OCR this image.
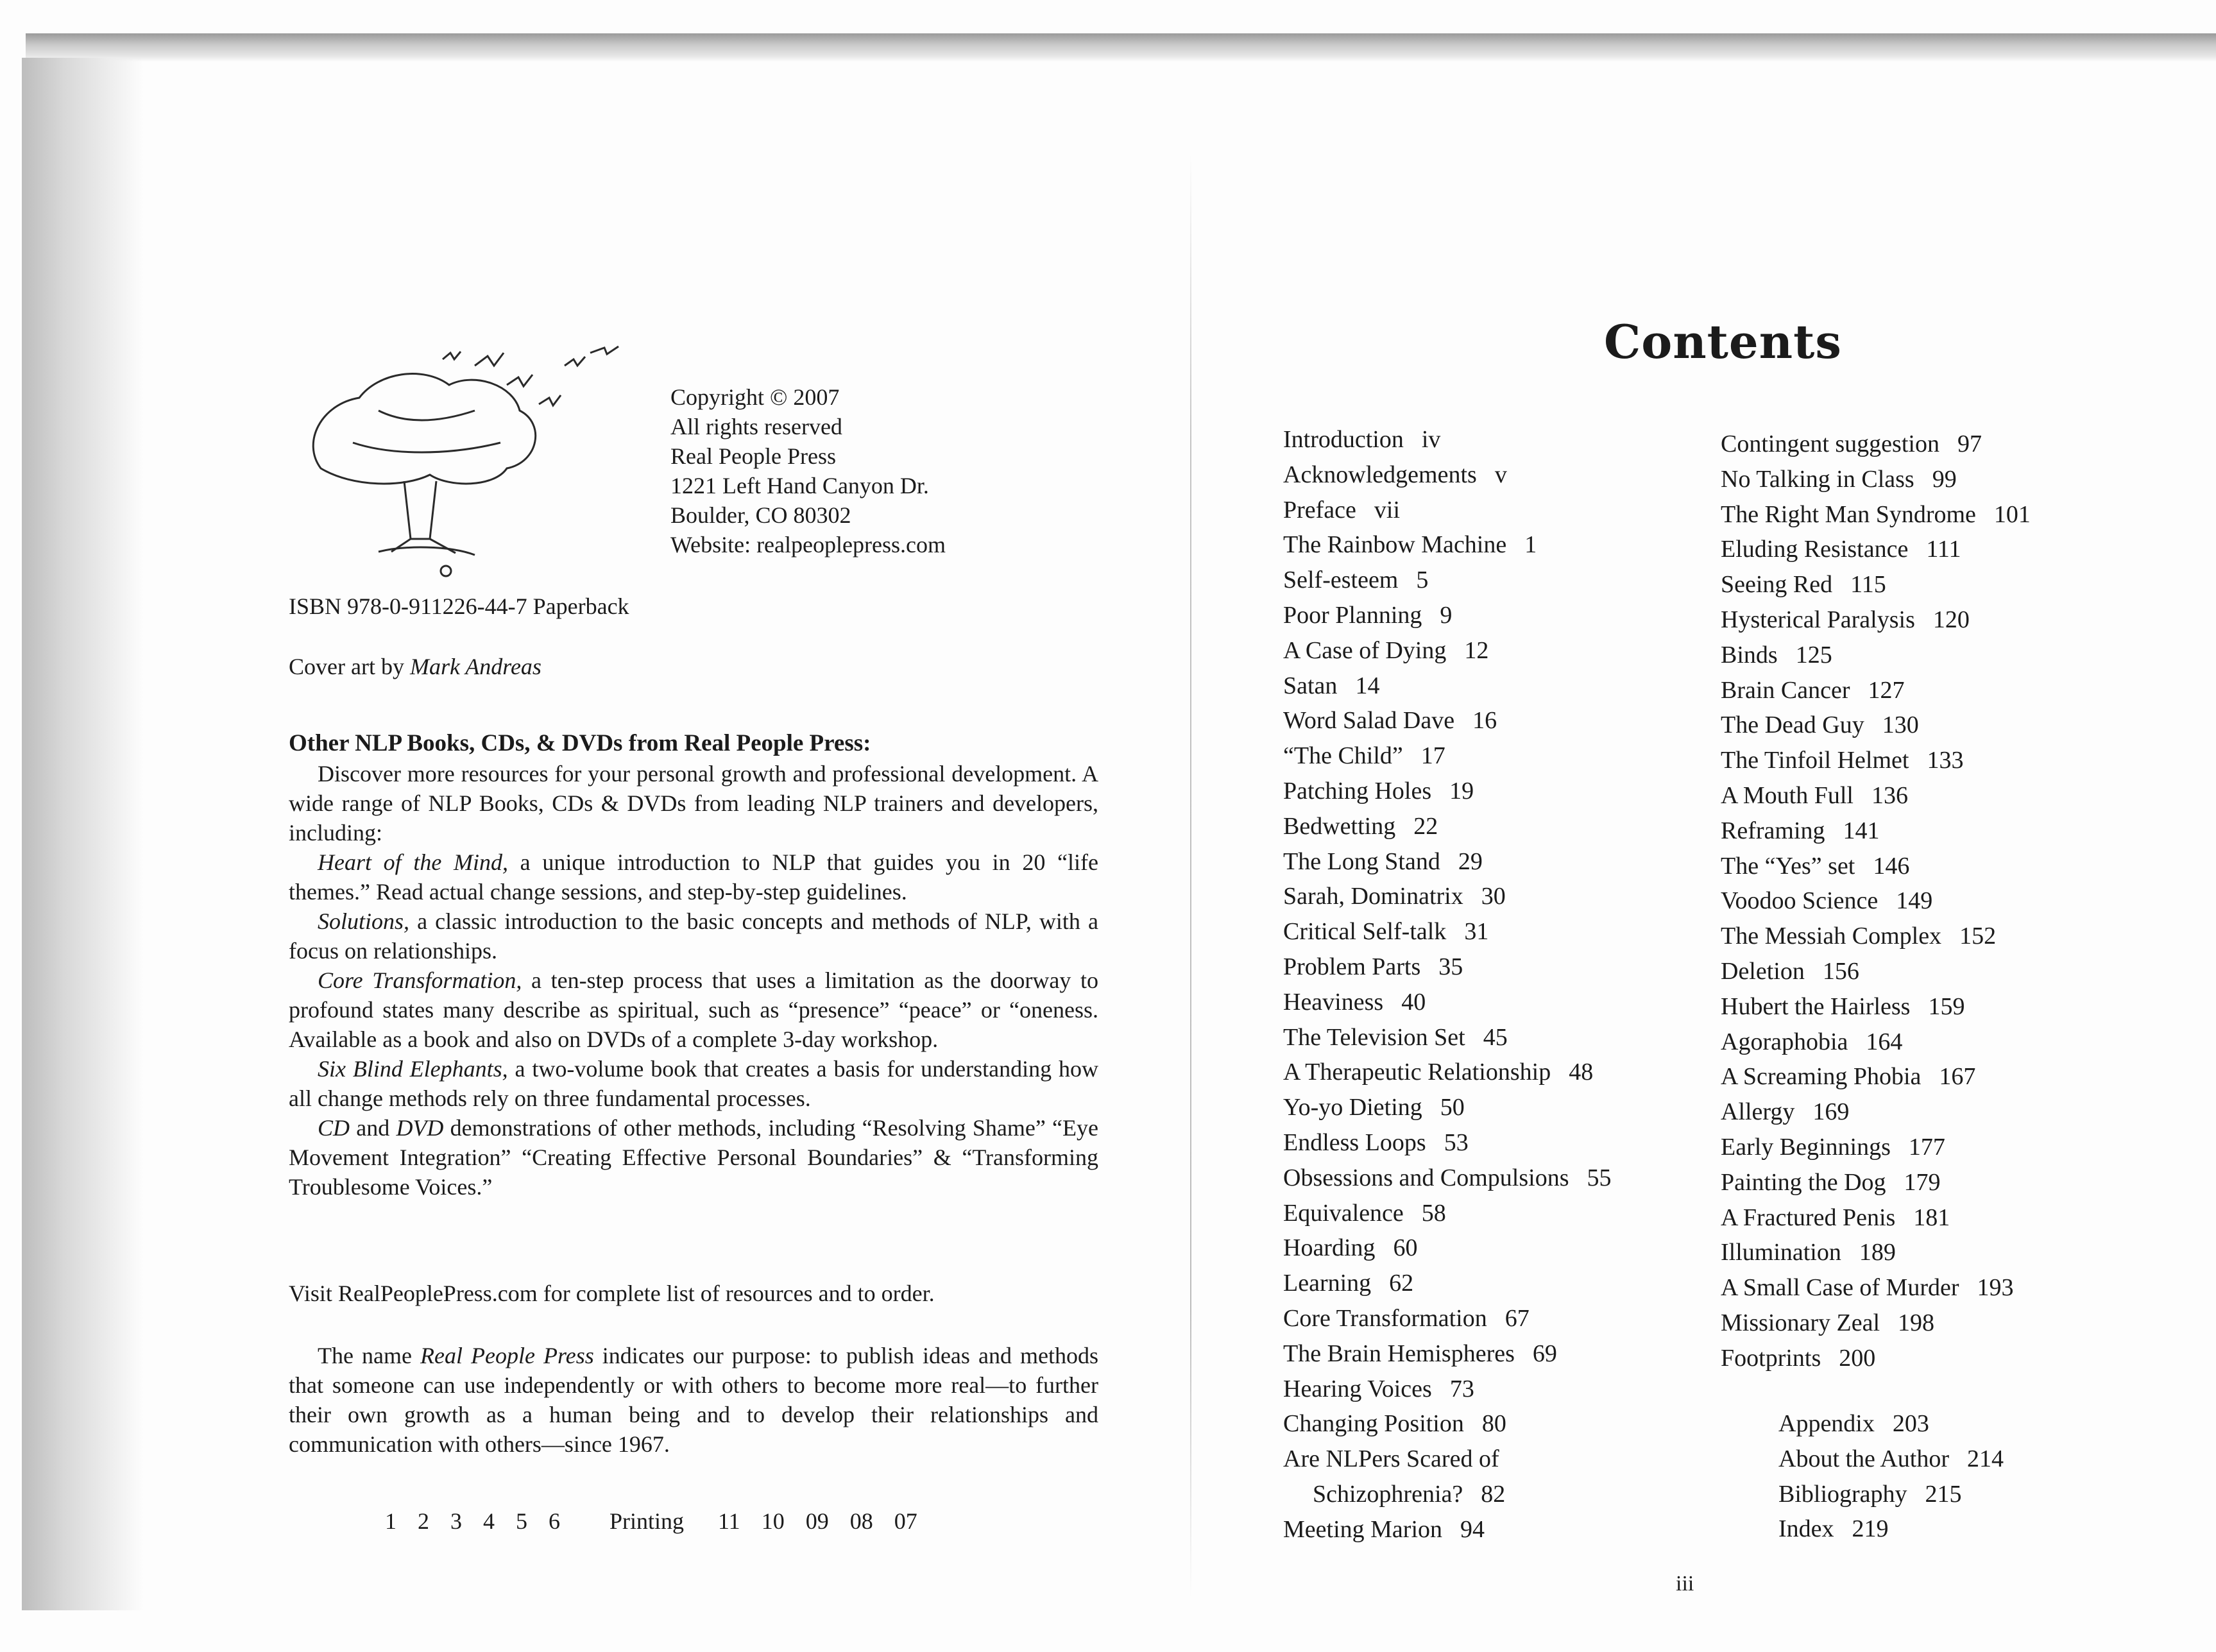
Copyright © 2007
All rights reserved
Real People Press
1221 Left Hand Canyon Dr.
Boulder, CO 80302
Website: realpeoplepress.com
ISBN 978-0-911226-44-7 Paperback
Cover art by Mark Andreas
Other NLP Books, CDs, & DVDs from Real People Press:
Discover more resources for your personal growth and professional development. A wide range of NLP Books, CDs & DVDs from leading NLP trainers and developers, including:
Heart of the Mind, a unique introduction to NLP that guides you in 20 “life themes.” Read actual change sessions, and step-by-step guidelines.
Solutions, a classic introduction to the basic concepts and methods of NLP, with a focus on relationships.
Core Transformation, a ten-step process that uses a limitation as the doorway to profound states many describe as spiritual, such as “presence” “peace” or “oneness. Available as a book and also on DVDs of a complete 3-day workshop.
Six Blind Elephants, a two-volume book that creates a basis for understanding how all change methods rely on three fundamental processes.
CD and DVD demonstrations of other methods, including “Resolving Shame” “Eye Movement Integration” “Creating Effective Personal Boundaries” & “Transforming Troublesome Voices.”
Visit RealPeoplePress.com for complete list of resources and to order.
The name Real People Press indicates our purpose: to publish ideas and methods that someone can use independently or with others to become more real—to further their own growth as a human being and to develop their relationships and communication with others—since 1967.
1 2 3 4 5 6 Printing 11 10 09 08 07
Contents
Introduction iv
Acknowledgements v
Preface vii
The Rainbow Machine 1
Self-esteem 5
Poor Planning 9
A Case of Dying 12
Satan 14
Word Salad Dave 16
“The Child” 17
Patching Holes 19
Bedwetting 22
The Long Stand 29
Sarah, Dominatrix 30
Critical Self-talk 31
Problem Parts 35
Heaviness 40
The Television Set 45
A Therapeutic Relationship 48
Yo-yo Dieting 50
Endless Loops 53
Obsessions and Compulsions 55
Equivalence 58
Hoarding 60
Learning 62
Core Transformation 67
The Brain Hemispheres 69
Hearing Voices 73
Changing Position 80
Are NLPers Scared of
Schizophrenia? 82
Meeting Marion 94
Contingent suggestion 97
No Talking in Class 99
The Right Man Syndrome 101
Eluding Resistance 111
Seeing Red 115
Hysterical Paralysis 120
Binds 125
Brain Cancer 127
The Dead Guy 130
The Tinfoil Helmet 133
A Mouth Full 136
Reframing 141
The “Yes” set 146
Voodoo Science 149
The Messiah Complex 152
Deletion 156
Hubert the Hairless 159
Agoraphobia 164
A Screaming Phobia 167
Allergy 169
Early Beginnings 177
Painting the Dog 179
A Fractured Penis 181
Illumination 189
A Small Case of Murder 193
Missionary Zeal 198
Footprints 200
Appendix 203
About the Author 214
Bibliography 215
Index 219
iii
